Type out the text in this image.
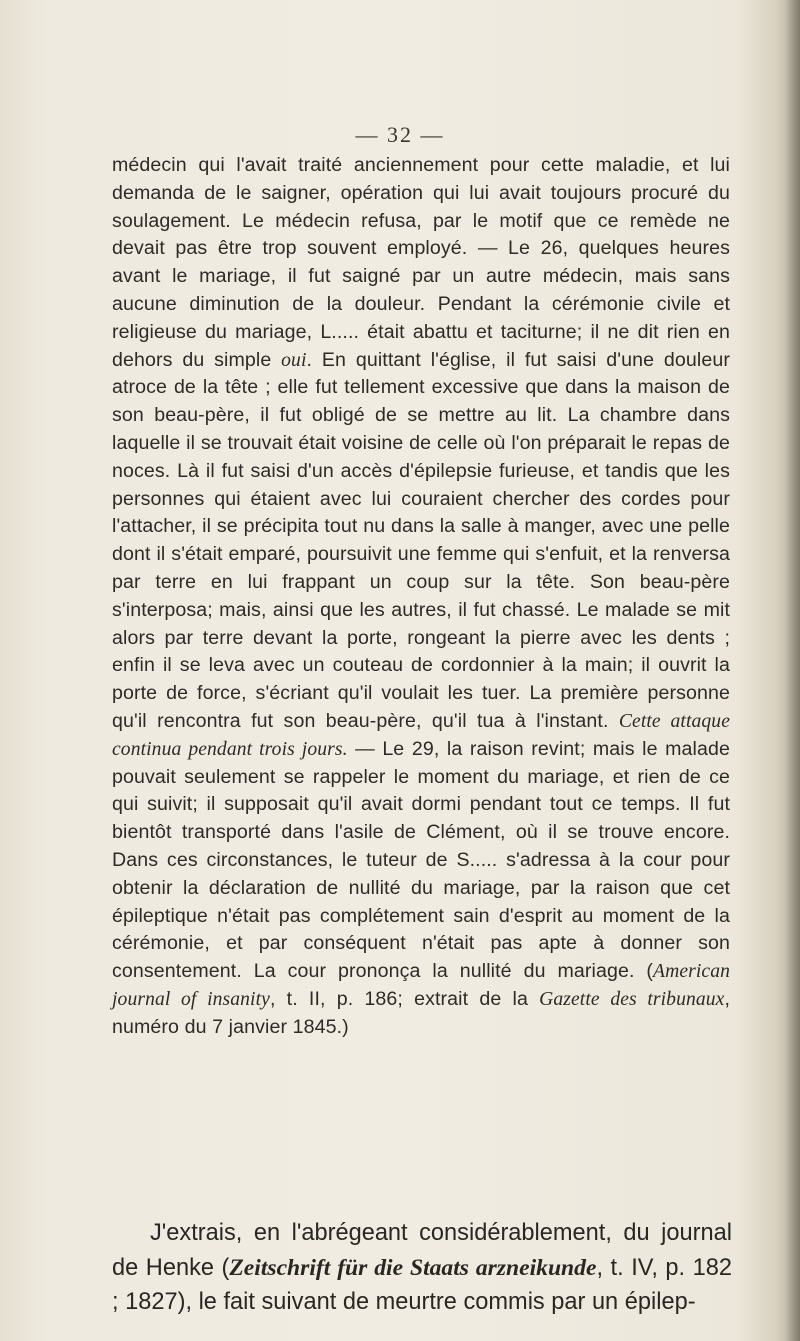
— 32 —

médecin qui l'avait traité anciennement pour cette maladie, et lui demanda de le saigner, opération qui lui avait toujours procuré du soulagement. Le médecin refusa, par le motif que ce remède ne devait pas être trop souvent employé. — Le 26, quelques heures avant le mariage, il fut saigné par un autre médecin, mais sans aucune diminution de la douleur. Pendant la cérémonie civile et religieuse du mariage, L..... était abattu et taciturne; il ne dit rien en dehors du simple oui. En quittant l'église, il fut saisi d'une douleur atroce de la tête ; elle fut tellement excessive que dans la maison de son beau-père, il fut obligé de se mettre au lit. La chambre dans laquelle il se trouvait était voisine de celle où l'on préparait le repas de noces. Là il fut saisi d'un accès d'épilepsie furieuse, et tandis que les personnes qui étaient avec lui couraient chercher des cordes pour l'attacher, il se précipita tout nu dans la salle à manger, avec une pelle dont il s'était emparé, poursuivit une femme qui s'enfuit, et la renversa par terre en lui frappant un coup sur la tête. Son beau-père s'interposa; mais, ainsi que les autres, il fut chassé. Le malade se mit alors par terre devant la porte, rongeant la pierre avec les dents ; enfin il se leva avec un couteau de cordonnier à la main; il ouvrit la porte de force, s'écriant qu'il voulait les tuer. La première personne qu'il rencontra fut son beau-père, qu'il tua à l'instant. Cette attaque continua pendant trois jours. — Le 29, la raison revint; mais le malade pouvait seulement se rappeler le moment du mariage, et rien de ce qui suivit; il supposait qu'il avait dormi pendant tout ce temps. Il fut bientôt transporté dans l'asile de Clément, où il se trouve encore. Dans ces circonstances, le tuteur de S..... s'adressa à la cour pour obtenir la déclaration de nullité du mariage, par la raison que cet épileptique n'était pas complétement sain d'esprit au moment de la cérémonie, et par conséquent n'était pas apte à donner son consentement. La cour prononça la nullité du mariage. (American journal of insanity, t. II, p. 186; extrait de la Gazette des tribunaux, numéro du 7 janvier 1845.)

J'extrais, en l'abrégeant considérablement, du journal de Henke (Zeitschrift für die Staats arzneikunde, t. IV, p. 182 ; 1827), le fait suivant de meurtre commis par un épilep-
